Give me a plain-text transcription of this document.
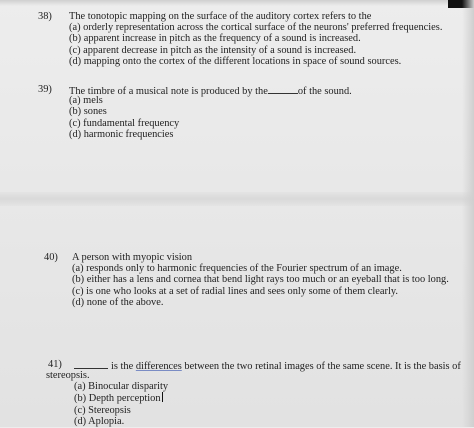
38) The tonotopic mapping on the surface of the auditory cortex refers to the
(a) orderly representation across the cortical surface of the neurons' preferred frequencies.
(b) apparent increase in pitch as the frequency of a sound is increased.
(c) apparent decrease in pitch as the intensity of a sound is increased.
(d) mapping onto the cortex of the different locations in space of sound sources.
39) The timbre of a musical note is produced by the	of the sound.
(a) mels
(b) sones
(c) fundamental frequency
(d) harmonic frequencies
40) A person with myopic vision
(a) responds only to harmonic frequencies of the Fourier spectrum of an image.
(b) either has a lens and cornea that bend light rays too much or an eyeball that is too long.
(c) is one who looks at a set of radial lines and sees only some of them clearly.
(d) none of the above.
41)	is the differences between the two retinal images of the same scene. It is the basis of
stereopsis.
(a) Binocular disparity
(b) Depth perception
(c) Stereopsis
(d) Aplopia.
